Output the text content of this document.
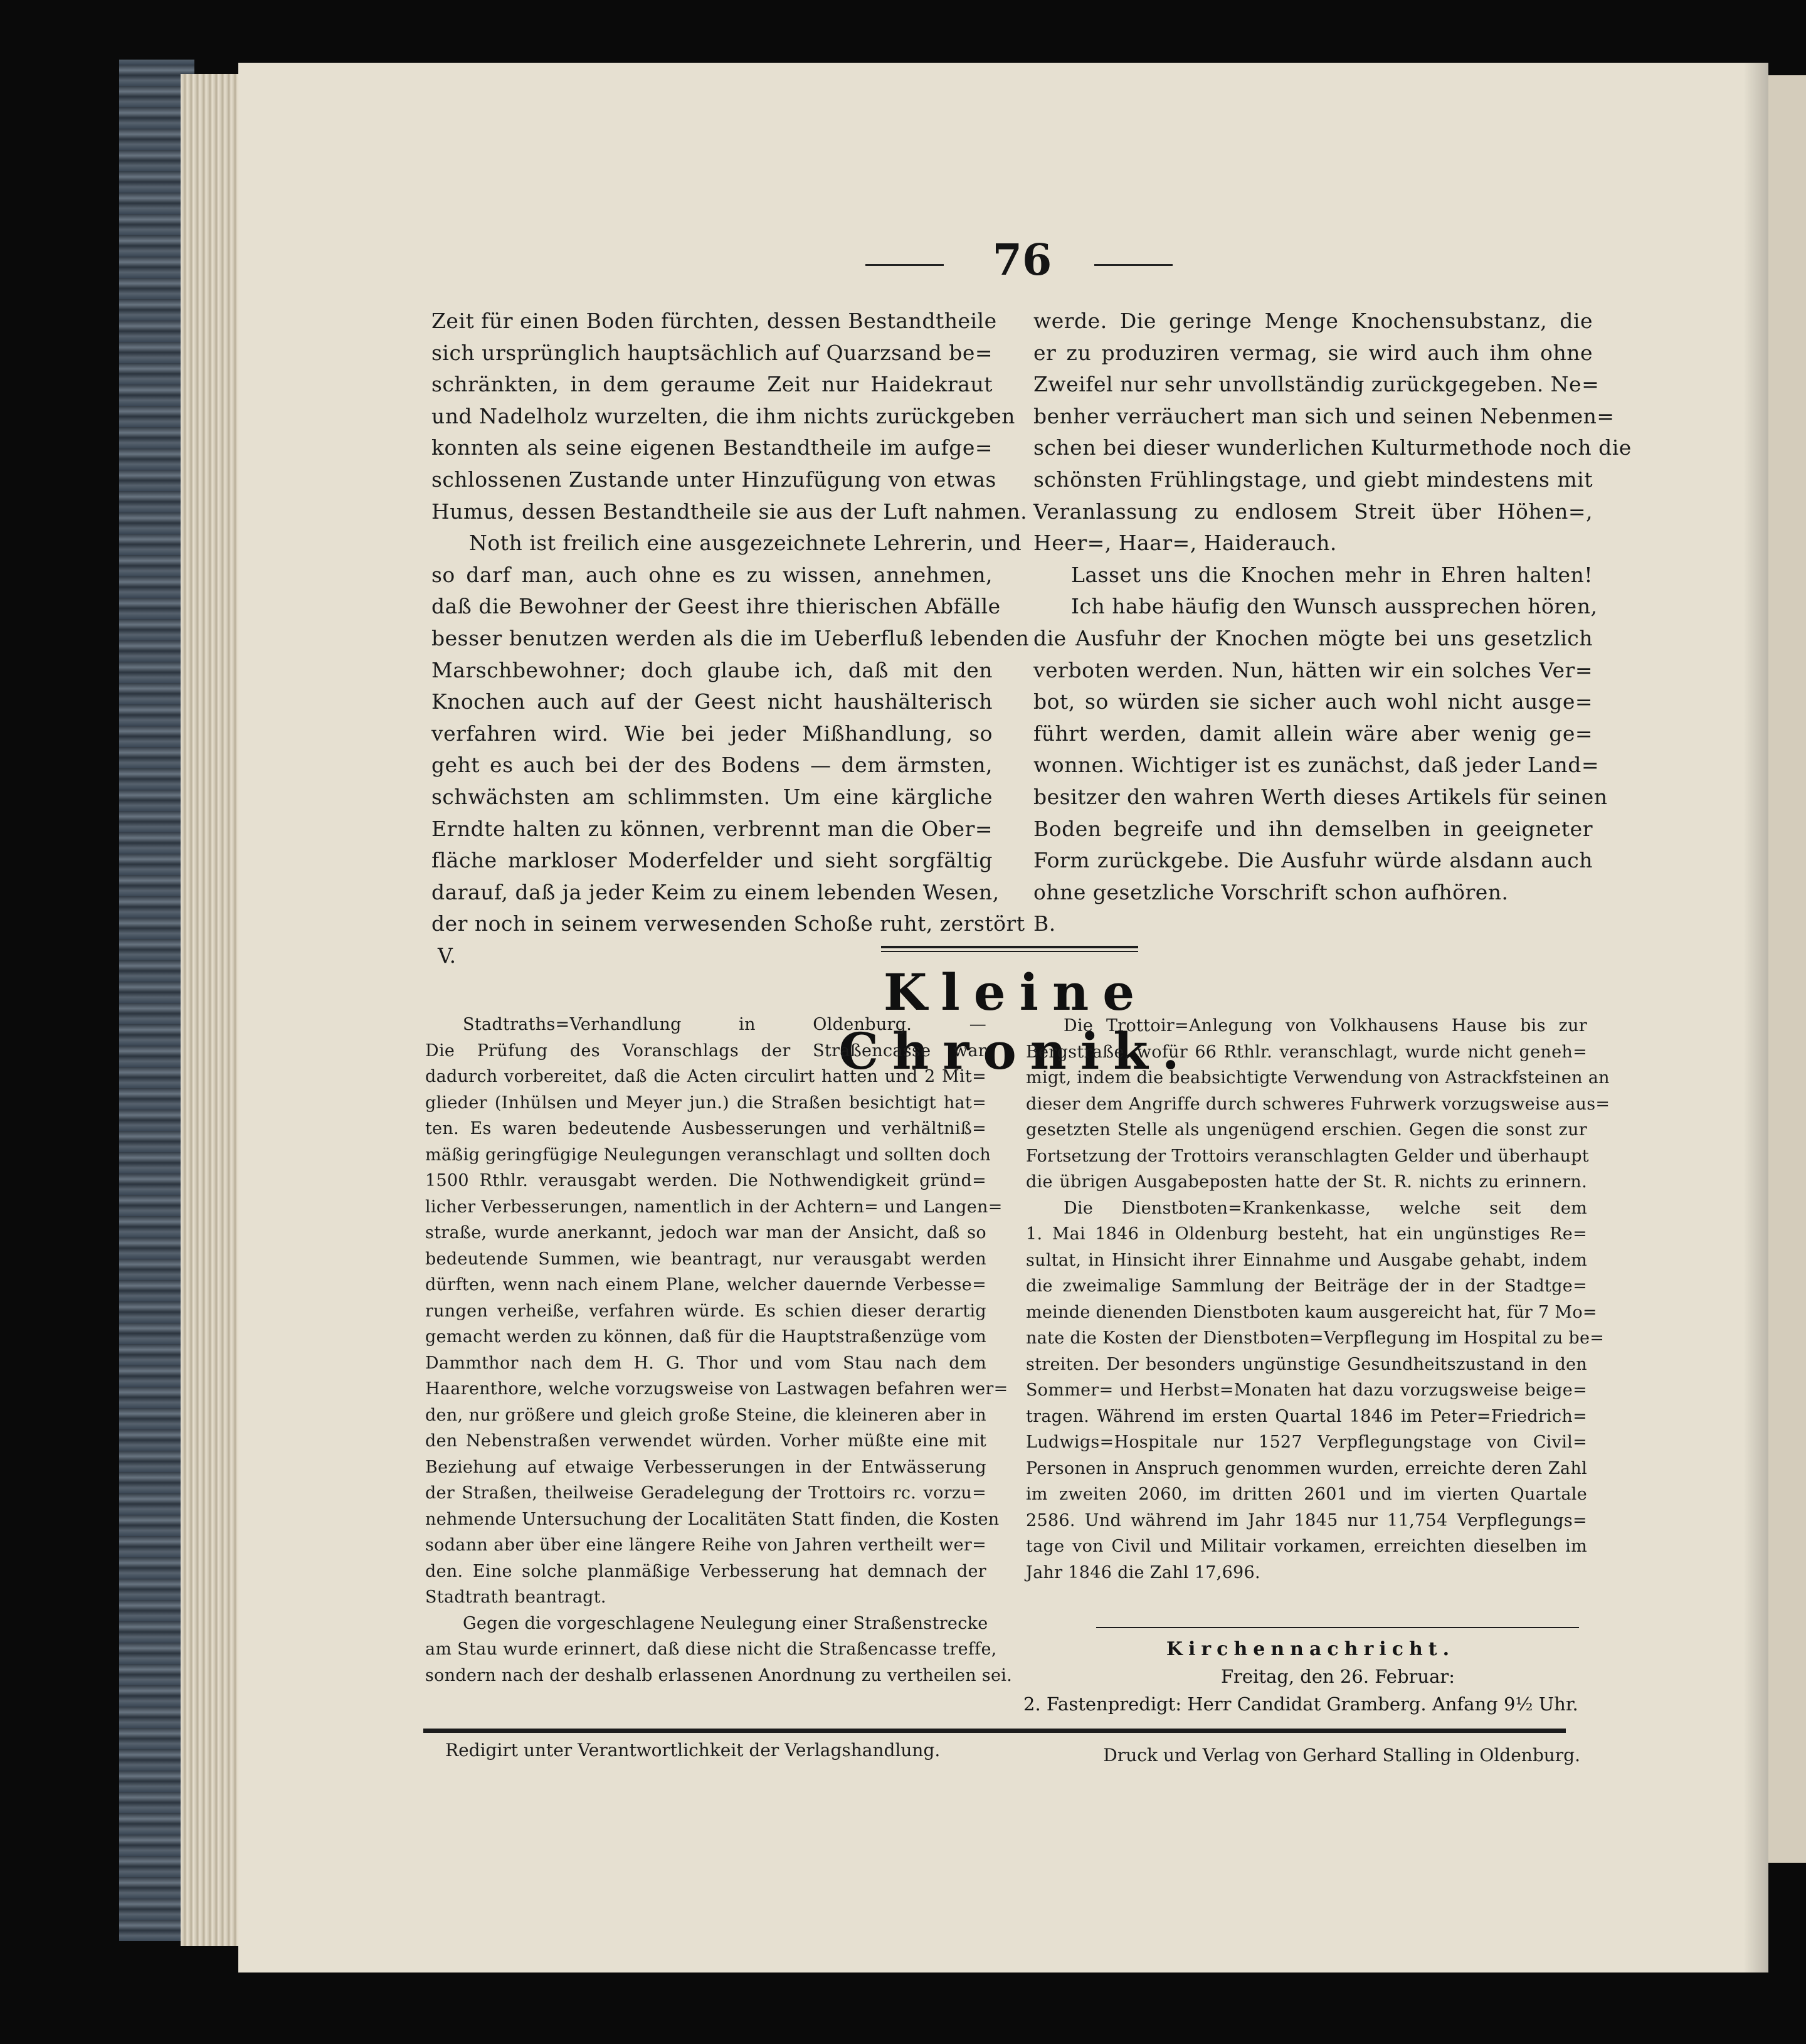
76
Zeit für einen Boden fürchten, dessen Bestandtheile
sich ursprünglich hauptsächlich auf Quarzsand be=
schränkten, in dem geraume Zeit nur Haidekraut
und Nadelholz wurzelten, die ihm nichts zurückgeben
konnten als seine eigenen Bestandtheile im aufge=
schlossenen Zustande unter Hinzufügung von etwas
Humus, dessen Bestandtheile sie aus der Luft nahmen.
Noth ist freilich eine ausgezeichnete Lehrerin, und
so darf man, auch ohne es zu wissen, annehmen,
daß die Bewohner der Geest ihre thierischen Abfälle
besser benutzen werden als die im Ueberfluß lebenden
Marschbewohner; doch glaube ich, daß mit den
Knochen auch auf der Geest nicht haushälterisch
verfahren wird. Wie bei jeder Mißhandlung, so
geht es auch bei der des Bodens — dem ärmsten,
schwächsten am schlimmsten. Um eine kärgliche
Erndte halten zu können, verbrennt man die Ober=
fläche markloser Moderfelder und sieht sorgfältig
darauf, daß ja jeder Keim zu einem lebenden Wesen,
der noch in seinem verwesenden Schoße ruht, zerstört
V.
werde. Die geringe Menge Knochensubstanz, die
er zu produziren vermag, sie wird auch ihm ohne
Zweifel nur sehr unvollständig zurückgegeben. Ne=
benher verräuchert man sich und seinen Nebenmen=
schen bei dieser wunderlichen Kulturmethode noch die
schönsten Frühlingstage, und giebt mindestens mit
Veranlassung zu endlosem Streit über Höhen=,
Heer=, Haar=, Haiderauch.
Lasset uns die Knochen mehr in Ehren halten!
Ich habe häufig den Wunsch aussprechen hören,
die Ausfuhr der Knochen mögte bei uns gesetzlich
verboten werden. Nun, hätten wir ein solches Ver=
bot, so würden sie sicher auch wohl nicht ausge=
führt werden, damit allein wäre aber wenig ge=
wonnen. Wichtiger ist es zunächst, daß jeder Land=
besitzer den wahren Werth dieses Artikels für seinen
Boden begreife und ihn demselben in geeigneter
Form zurückgebe. Die Ausfuhr würde alsdann auch
ohne gesetzliche Vorschrift schon aufhören.
B.
Kleine Chronik.
Stadtraths=Verhandlung in Oldenburg. —
Die Prüfung des Voranschlags der Straßencasse war
dadurch vorbereitet, daß die Acten circulirt hatten und 2 Mit=
glieder (Inhülsen und Meyer jun.) die Straßen besichtigt hat=
ten. Es waren bedeutende Ausbesserungen und verhältniß=
mäßig geringfügige Neulegungen veranschlagt und sollten doch
1500 Rthlr. verausgabt werden. Die Nothwendigkeit gründ=
licher Verbesserungen, namentlich in der Achtern= und Langen=
straße, wurde anerkannt, jedoch war man der Ansicht, daß so
bedeutende Summen, wie beantragt, nur verausgabt werden
dürften, wenn nach einem Plane, welcher dauernde Verbesse=
rungen verheiße, verfahren würde. Es schien dieser derartig
gemacht werden zu können, daß für die Hauptstraßenzüge vom
Dammthor nach dem H. G. Thor und vom Stau nach dem
Haarenthore, welche vorzugsweise von Lastwagen befahren wer=
den, nur größere und gleich große Steine, die kleineren aber in
den Nebenstraßen verwendet würden. Vorher müßte eine mit
Beziehung auf etwaige Verbesserungen in der Entwässerung
der Straßen, theilweise Geradelegung der Trottoirs rc. vorzu=
nehmende Untersuchung der Localitäten Statt finden, die Kosten
sodann aber über eine längere Reihe von Jahren vertheilt wer=
den. Eine solche planmäßige Verbesserung hat demnach der
Stadtrath beantragt.
Gegen die vorgeschlagene Neulegung einer Straßenstrecke
am Stau wurde erinnert, daß diese nicht die Straßencasse treffe,
sondern nach der deshalb erlassenen Anordnung zu vertheilen sei.
Die Trottoir=Anlegung von Volkhausens Hause bis zur
Bergstraße, wofür 66 Rthlr. veranschlagt, wurde nicht geneh=
migt, indem die beabsichtigte Verwendung von Astrackfsteinen an
dieser dem Angriffe durch schweres Fuhrwerk vorzugsweise aus=
gesetzten Stelle als ungenügend erschien. Gegen die sonst zur
Fortsetzung der Trottoirs veranschlagten Gelder und überhaupt
die übrigen Ausgabeposten hatte der St. R. nichts zu erinnern.
Die Dienstboten=Krankenkasse, welche seit dem
1. Mai 1846 in Oldenburg besteht, hat ein ungünstiges Re=
sultat, in Hinsicht ihrer Einnahme und Ausgabe gehabt, indem
die zweimalige Sammlung der Beiträge der in der Stadtge=
meinde dienenden Dienstboten kaum ausgereicht hat, für 7 Mo=
nate die Kosten der Dienstboten=Verpflegung im Hospital zu be=
streiten. Der besonders ungünstige Gesundheitszustand in den
Sommer= und Herbst=Monaten hat dazu vorzugsweise beige=
tragen. Während im ersten Quartal 1846 im Peter=Friedrich=
Ludwigs=Hospitale nur 1527 Verpflegungstage von Civil=
Personen in Anspruch genommen wurden, erreichte deren Zahl
im zweiten 2060, im dritten 2601 und im vierten Quartale
2586. Und während im Jahr 1845 nur 11,754 Verpflegungs=
tage von Civil und Militair vorkamen, erreichten dieselben im
Jahr 1846 die Zahl 17,696.
Kirchennachricht.
Freitag, den 26. Februar:
2. Fastenpredigt: Herr Candidat Gramberg. Anfang 9½ Uhr.
Redigirt unter Verantwortlichkeit der Verlagshandlung.	Druck und Verlag von Gerhard Stalling in Oldenburg.
